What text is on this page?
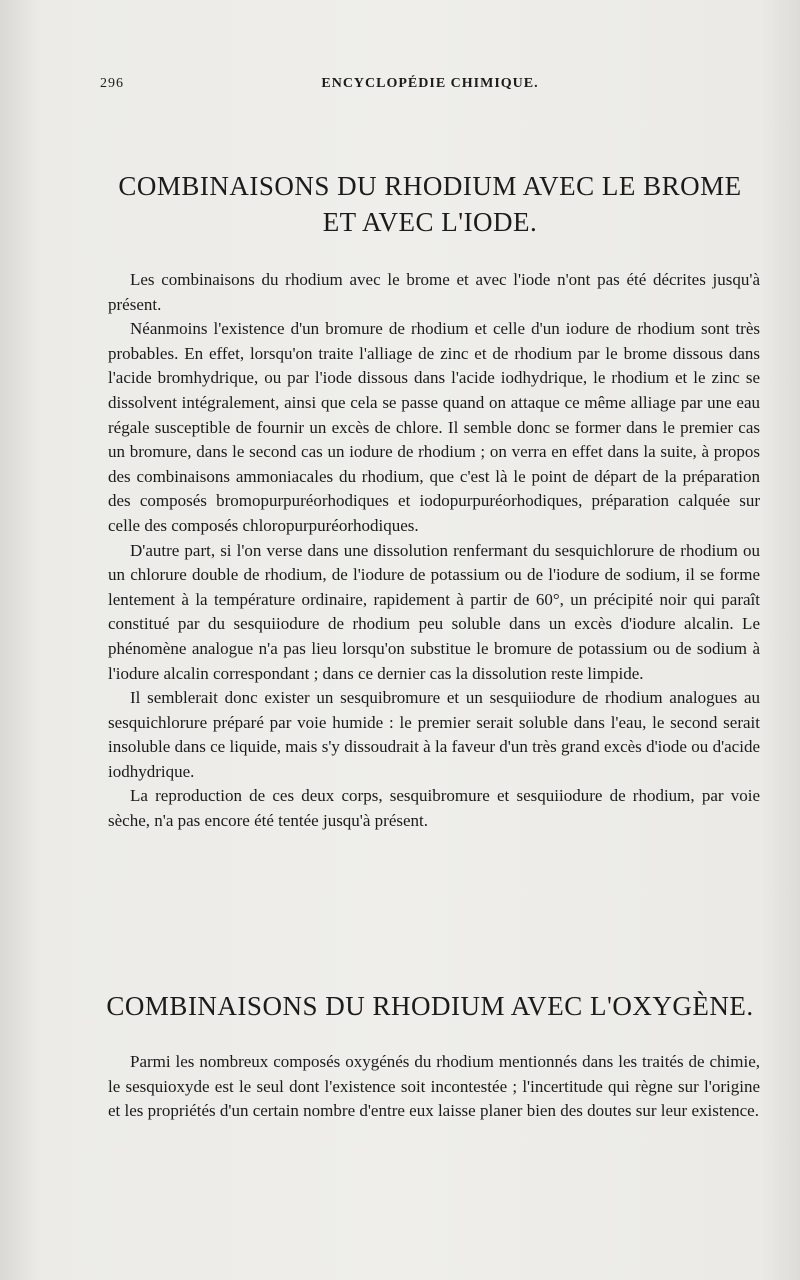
296	ENCYCLOPÉDIE CHIMIQUE.
COMBINAISONS DU RHODIUM AVEC LE BROME
ET AVEC L'IODE.

Les combinaisons du rhodium avec le brome et avec l'iode n'ont pas été décrites jusqu'à présent.

Néanmoins l'existence d'un bromure de rhodium et celle d'un iodure de rhodium sont très probables. En effet, lorsqu'on traite l'alliage de zinc et de rhodium par le brome dissous dans l'acide bromhydrique, ou par l'iode dissous dans l'acide iodhydrique, le rhodium et le zinc se dissolvent intégralement, ainsi que cela se passe quand on attaque ce même alliage par une eau régale susceptible de fournir un excès de chlore. Il semble donc se former dans le premier cas un bromure, dans le second cas un iodure de rhodium ; on verra en effet dans la suite, à propos des combinaisons ammoniacales du rhodium, que c'est là le point de départ de la préparation des composés bromopurpuréorhodiques et iodopurpuréorhodiques, préparation calquée sur celle des composés chloropurpuréorhodiques.

D'autre part, si l'on verse dans une dissolution renfermant du sesquichlorure de rhodium ou un chlorure double de rhodium, de l'iodure de potassium ou de l'iodure de sodium, il se forme lentement à la température ordinaire, rapidement à partir de 60°, un précipité noir qui paraît constitué par du sesquiiodure de rhodium peu soluble dans un excès d'iodure alcalin. Le phénomène analogue n'a pas lieu lorsqu'on substitue le bromure de potassium ou de sodium à l'iodure alcalin correspondant ; dans ce dernier cas la dissolution reste limpide.

Il semblerait donc exister un sesquibromure et un sesquiiodure de rhodium analogues au sesquichlorure préparé par voie humide : le premier serait soluble dans l'eau, le second serait insoluble dans ce liquide, mais s'y dissoudrait à la faveur d'un très grand excès d'iode ou d'acide iodhydrique.

La reproduction de ces deux corps, sesquibromure et sesquiiodure de rhodium, par voie sèche, n'a pas encore été tentée jusqu'à présent.

COMBINAISONS DU RHODIUM AVEC L'OXYGÈNE.

Parmi les nombreux composés oxygénés du rhodium mentionnés dans les traités de chimie, le sesquioxyde est le seul dont l'existence soit incontestée ; l'incertitude qui règne sur l'origine et les propriétés d'un certain nombre d'entre eux laisse planer bien des doutes sur leur existence.
